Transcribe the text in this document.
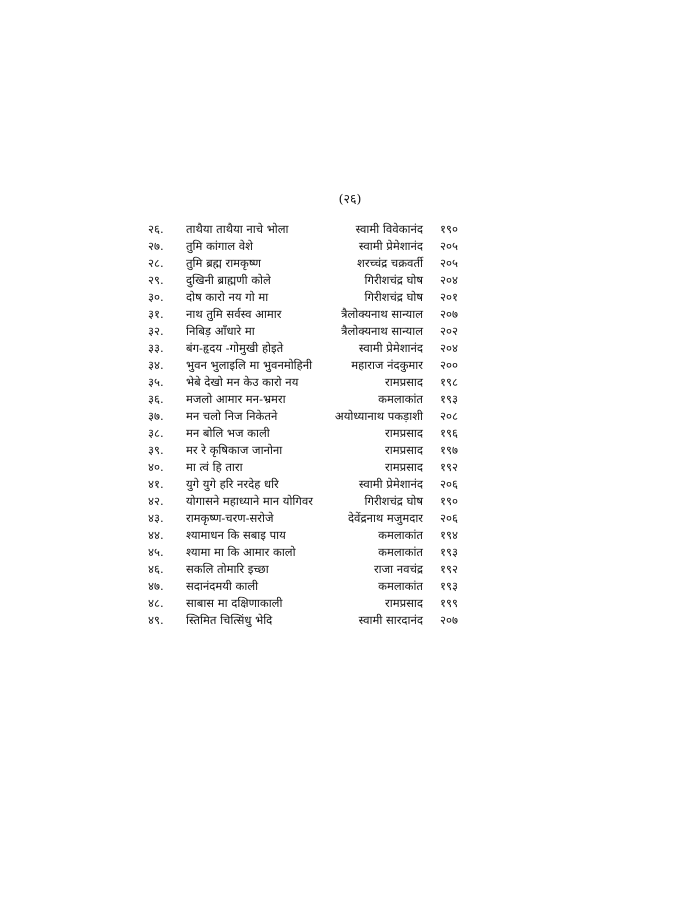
(२६)
२६.	ताथैया ताथैया नाचे भोला	स्वामी विवेकानंद १९०
२७.	तुमि कांगाल वेशे	स्वामी प्रेमेशानंद २०५
२८.	तुमि ब्रह्म रामकृष्ण	शरच्चंद्र चक्रवर्ती २०५
२९.	दुखिनी ब्राह्मणी कोले	गिरीशचंद्र घोष २०४
३०.	दोष कारो नय गो मा	गिरीशचंद्र घोष २०१
३१.	नाथ तुमि सर्वस्व आमार	त्रैलोक्यनाथ सान्याल २०७
३२.	निबिड़ आँधारे मा	त्रैलोक्यनाथ सान्याल २०२
३३.	बंग-हृदय -गोमुखी होइते	स्वामी प्रेमेशानंद २०४
३४.	भुवन भुलाइलि मा भुवनमोहिनी	महाराज नंदकुमार २००
३५.	भेबे देखो मन केउ कारो नय	रामप्रसाद १९८
३६.	मजलो आमार मन-भ्रमरा	कमलाकांत १९३
३७.	मन चलो निज निकेतने	अयोध्यानाथ पकड़ाशी २०८
३८.	मन बोलि भज काली	रामप्रसाद १९६
३९.	मर रे कृषिकाज जानोना	रामप्रसाद १९७
४०.	मा त्वं हि तारा	रामप्रसाद १९२
४१.	युगे युगे हरि नरदेह धरि	स्वामी प्रेमेशानंद २०६
४२.	योगासने महाध्याने मान योगिवर	गिरीशचंद्र घोष १९०
४३.	रामकृष्ण-चरण-सरोजे	देवेंद्रनाथ मजुमदार २०६
४४.	श्यामाधन कि सबाइ पाय	कमलाकांत १९४
४५.	श्यामा मा कि आमार कालो	कमलाकांत १९३
४६.	सकलि तोमारि इच्छा	राजा नवचंद्र १९२
४७.	सदानंदमयी काली	कमलाकांत १९३
४८.	साबास मा दक्षिणाकाली	रामप्रसाद १९९
४९.	स्तिमित चित्सिंधु भेदि	स्वामी सारदानंद २०७
